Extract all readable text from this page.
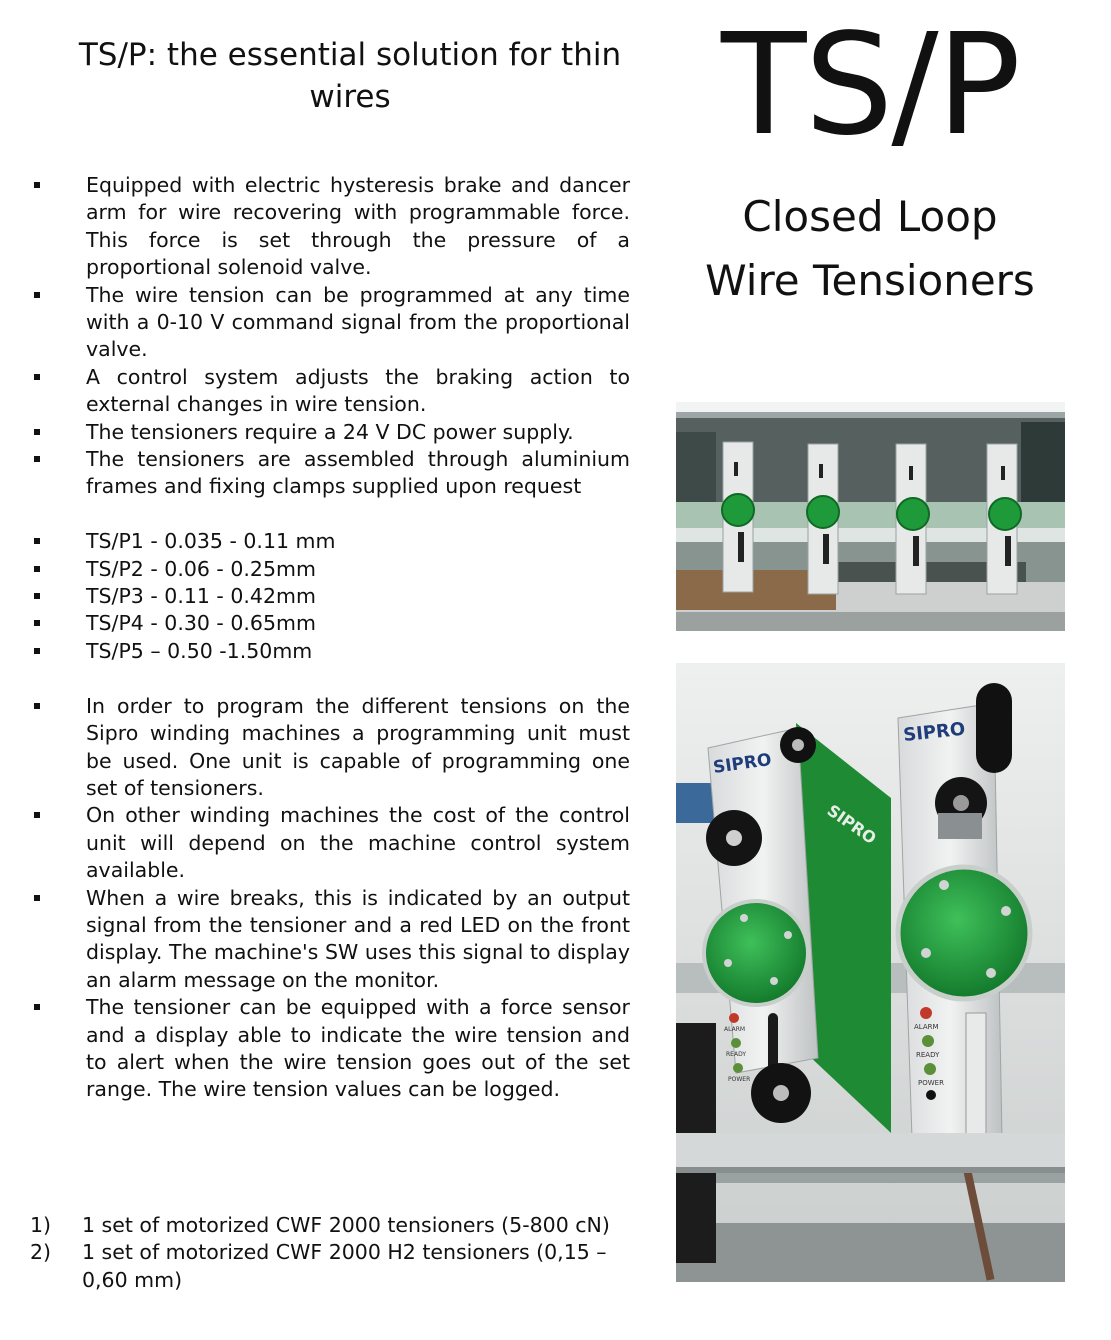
TS/P: the essential solution for thin wires	TS/P
Closed Loop
Wire Tensioners
Equipped with electric hysteresis brake and dancer arm for wire recovering with programmable force. This force is set through the pressure of a proportional solenoid valve.
The wire tension can be programmed at any time with a 0-10 V command signal from the proportional valve.
A control system adjusts the braking action to external changes in wire tension.
The tensioners require a 24 V DC power supply.
The tensioners are assembled through aluminium frames and fixing clamps supplied upon request
TS/P1 - 0.035 - 0.11 mm
TS/P2 - 0.06 - 0.25mm
TS/P3 - 0.11 - 0.42mm
TS/P4 - 0.30 - 0.65mm
TS/P5 – 0.50 -1.50mm
In order to program the different tensions on the Sipro winding machines a programming unit must be used. One unit is capable of programming one set of tensioners.
On other winding machines the cost of the control unit will depend on the machine control system available.
When a wire breaks, this is indicated by an output signal from the tensioner and a red LED on the front display. The machine's SW uses this signal to display an alarm message on the monitor.
The tensioner can be equipped with a force sensor and a display able to indicate the wire tension and to alert when the wire tension goes out of the set range. The wire tension values can be logged.
1) 1 set of motorized CWF 2000 tensioners (5-800 cN)
2) 1 set of motorized CWF 2000 H2 tensioners (0,15 – 0,60 mm)
SIPRO
SIPRO
ALARM
READY
POWER
SIPRO
ALARM
READY
POWER
